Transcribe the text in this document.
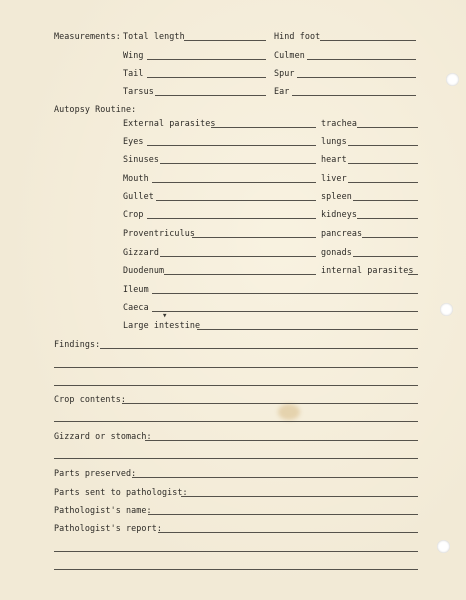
▾
Measurements: Total length	Hind foot
Wing	Culmen
Tail	Spur
Tarsus	Ear
Autopsy Routine:
External parasites	trachea
Eyes	lungs
Sinuses	heart
Mouth	liver
Gullet	spleen
Crop	kidneys
Proventriculus	pancreas
Gizzard	gonads
Duodenum	internal parasites
Ileum
Caeca
Large intestine
Findings:
Crop contents:
Gizzard or stomach:
Parts preserved:
Parts sent to pathologist:
Pathologist's name:
Pathologist's report:
